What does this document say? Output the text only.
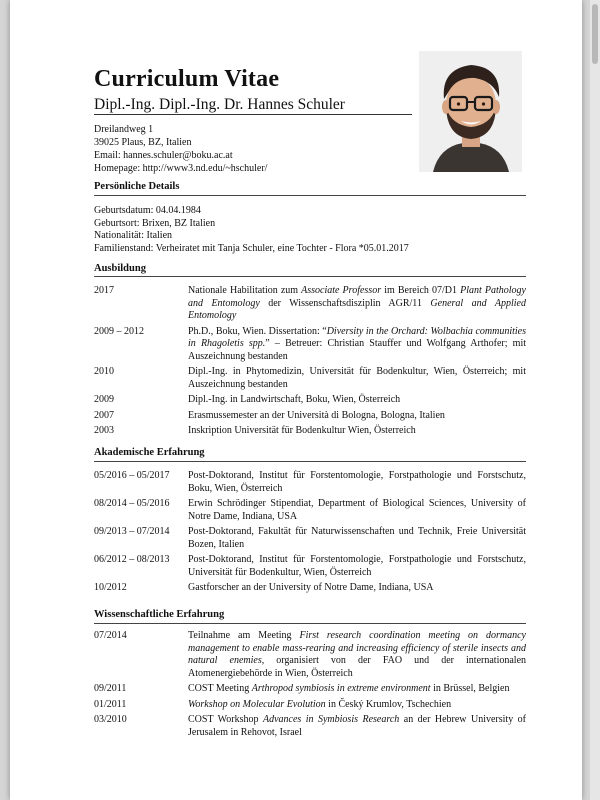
Curriculum Vitae
Dipl.-Ing. Dipl.-Ing. Dr. Hannes Schuler
Dreilandweg 1
39025 Plaus, BZ, Italien
Email: hannes.schuler@boku.ac.at
Homepage: http://www3.nd.edu/~hschuler/
Persönliche Details
Geburtsdatum: 04.04.1984
Geburtsort: Brixen, BZ Italien
Nationalität: Italien
Familienstand: Verheiratet mit Tanja Schuler, eine Tochter - Flora *05.01.2017
Ausbildung
2017	Nationale Habilitation zum Associate Professor im Bereich 07/D1 Plant Pathology and Entomology der Wissenschaftsdisziplin AGR/11 General and Applied Entomology
2009 – 2012	Ph.D., Boku, Wien. Dissertation: “Diversity in the Orchard: Wolbachia communities in Rhagoletis spp.” – Betreuer: Christian Stauffer und Wolfgang Arthofer; mit Auszeichnung bestanden
2010	Dipl.-Ing. in Phytomedizin, Universität für Bodenkultur, Wien, Österreich; mit Auszeichnung bestanden
2009	Dipl.-Ing. in Landwirtschaft, Boku, Wien, Österreich
2007	Erasmussemester an der Università di Bologna, Bologna, Italien
2003	Inskription Universität für Bodenkultur Wien, Österreich
Akademische Erfahrung
05/2016 – 05/2017	Post-Doktorand, Institut für Forstentomologie, Forstpathologie und Forstschutz, Boku, Wien, Österreich
08/2014 – 05/2016	Erwin Schrödinger Stipendiat, Department of Biological Sciences, University of Notre Dame, Indiana, USA
09/2013 – 07/2014	Post-Doktorand, Fakultät für Naturwissenschaften und Technik, Freie Universität Bozen, Italien
06/2012 – 08/2013	Post-Doktorand, Institut für Forstentomologie, Forstpathologie und Forstschutz, Universität für Bodenkultur, Wien, Österreich
10/2012	Gastforscher an der University of Notre Dame, Indiana, USA
Wissenschaftliche Erfahrung
07/2014	Teilnahme am Meeting First research coordination meeting on dormancy management to enable mass-rearing and increasing efficiency of sterile insects and natural enemies, organisiert von der FAO und der internationalen Atomenergiebehörde in Wien, Österreich
09/2011	COST Meeting Arthropod symbiosis in extreme environment in Brüssel, Belgien
01/2011	Workshop on Molecular Evolution in Český Krumlov, Tschechien
03/2010	COST Workshop Advances in Symbiosis Research an der Hebrew University of Jerusalem in Rehovot, Israel
